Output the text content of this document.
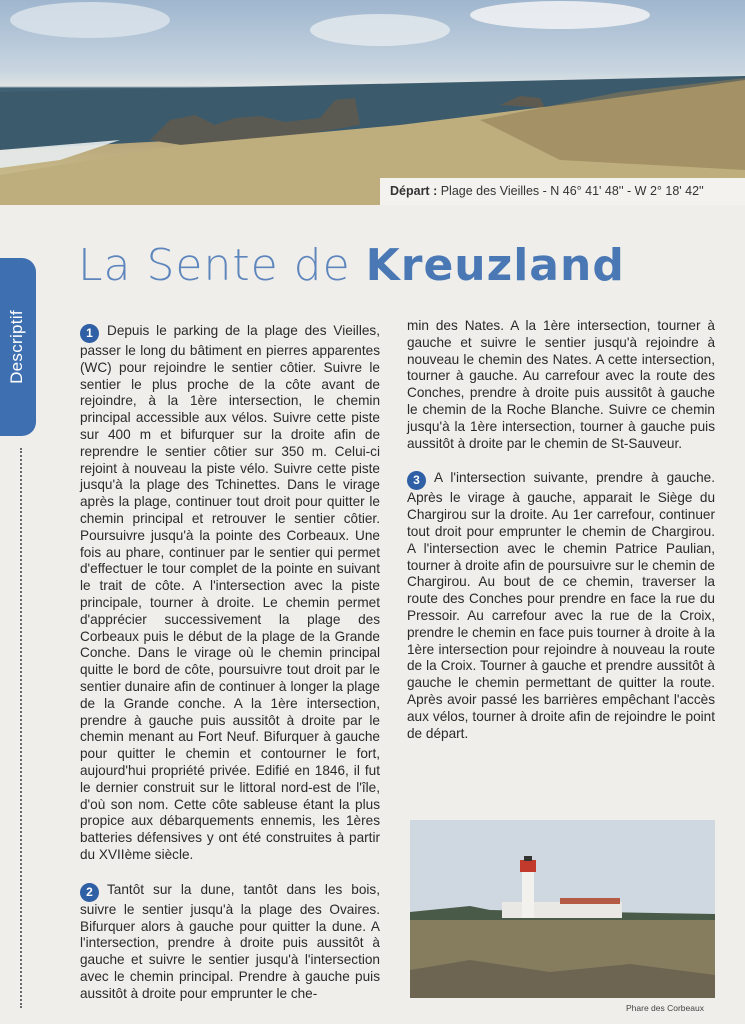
Départ : Plage des Vieilles - N 46° 41' 48'' - W 2° 18' 42''
Descriptif
La Sente de Kreuzland

1 Depuis le parking de la plage des Vieilles, passer le long du bâtiment en pierres apparentes (WC) pour rejoindre le sentier côtier. Suivre le sentier le plus proche de la côte avant de rejoindre, à la 1ère intersection, le chemin principal accessible aux vélos. Suivre cette piste sur 400 m et bifurquer sur la droite afin de reprendre le sentier côtier sur 350 m. Celui-ci rejoint à nouveau la piste vélo. Suivre cette piste jusqu'à la plage des Tchinettes. Dans le virage après la plage, continuer tout droit pour quitter le chemin principal et retrouver le sentier côtier. Poursuivre jusqu'à la pointe des Corbeaux. Une fois au phare, continuer par le sentier qui permet d'effectuer le tour complet de la pointe en suivant le trait de côte. A l'intersection avec la piste principale, tourner à droite. Le chemin permet d'apprécier successivement la plage des Corbeaux puis le début de la plage de la Grande Conche. Dans le virage où le chemin principal quitte le bord de côte, poursuivre tout droit par le sentier dunaire afin de continuer à longer la plage de la Grande conche. A la 1ère intersection, prendre à gauche puis aussitôt à droite par le chemin menant au Fort Neuf. Bifurquer à gauche pour quitter le chemin et contourner le fort, aujourd'hui propriété privée. Edifié en 1846, il fut le dernier construit sur le littoral nord-est de l'île, d'où son nom. Cette côte sableuse étant la plus propice aux débarquements ennemis, les 1ères batteries défensives y ont été construites à partir du XVIIème siècle.

2 Tantôt sur la dune, tantôt dans les bois, suivre le sentier jusqu'à la plage des Ovaires. Bifurquer alors à gauche pour quitter la dune. A l'intersection, prendre à droite puis aussitôt à gauche et suivre le sentier jusqu'à l'intersection avec le chemin principal. Prendre à gauche puis aussitôt à droite pour emprunter le che-

min des Nates. A la 1ère intersection, tourner à gauche et suivre le sentier jusqu'à rejoindre à nouveau le chemin des Nates. A cette intersection, tourner à gauche. Au carrefour avec la route des Conches, prendre à droite puis aussitôt à gauche le chemin de la Roche Blanche. Suivre ce chemin jusqu'à la 1ère intersection, tourner à gauche puis aussitôt à droite par le chemin de St-Sauveur.

3 A l'intersection suivante, prendre à gauche. Après le virage à gauche, apparait le Siège du Chargirou sur la droite. Au 1er carrefour, continuer tout droit pour emprunter le chemin de Chargirou. A l'intersection avec le chemin Patrice Paulian, tourner à droite afin de poursuivre sur le chemin de Chargirou. Au bout de ce chemin, traverser la route des Conches pour prendre en face la rue du Pressoir. Au carrefour avec la rue de la Croix, prendre le chemin en face puis tourner à droite à la 1ère intersection pour rejoindre à nouveau la route de la Croix. Tourner à gauche et prendre aussitôt à gauche le chemin permettant de quitter la route. Après avoir passé les barrières empêchant l'accès aux vélos, tourner à droite afin de rejoindre le point de départ.

Phare des Corbeaux
